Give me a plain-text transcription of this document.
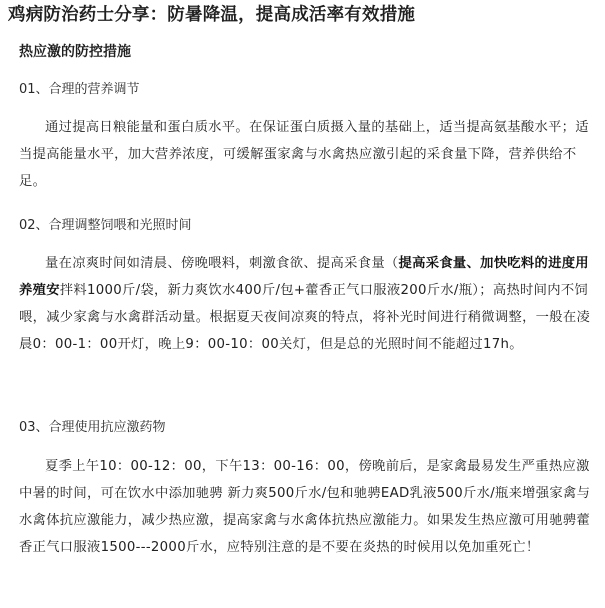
鸡病防治药士分享：防暑降温，提高成活率有效措施
热应激的防控措施
01、合理的营养调节
通过提高日粮能量和蛋白质水平。在保证蛋白质摄入量的基础上，适当提高氨基酸水平；适当提高能量水平，加大营养浓度，可缓解蛋家禽与水禽热应激引起的采食量下降，营养供给不足。
02、合理调整饲喂和光照时间
量在凉爽时间如清晨、傍晚喂料，刺激食欲、提高采食量（提高采食量、加快吃料的进度用养殖安拌料1000斤/袋，新力爽饮水400斤/包+藿香正气口服液200斤水/瓶）；高热时间内不饲喂，减少家禽与水禽群活动量。根据夏天夜间凉爽的特点，将补光时间进行稍微调整，一般在凌晨0：00-1：00开灯，晚上9：00-10：00关灯，但是总的光照时间不能超过17h。
03、合理使用抗应激药物
夏季上午10：00-12：00，下午13：00-16：00，傍晚前后，是家禽最易发生严重热应激中暑的时间，可在饮水中添加驰骋 新力爽500斤水/包和驰骋EAD乳液500斤水/瓶来增强家禽与水禽体抗应激能力，减少热应激，提高家禽与水禽体抗热应激能力。如果发生热应激可用驰骋藿香正气口服液1500---2000斤水，应特别注意的是不要在炎热的时候用以免加重死亡！
